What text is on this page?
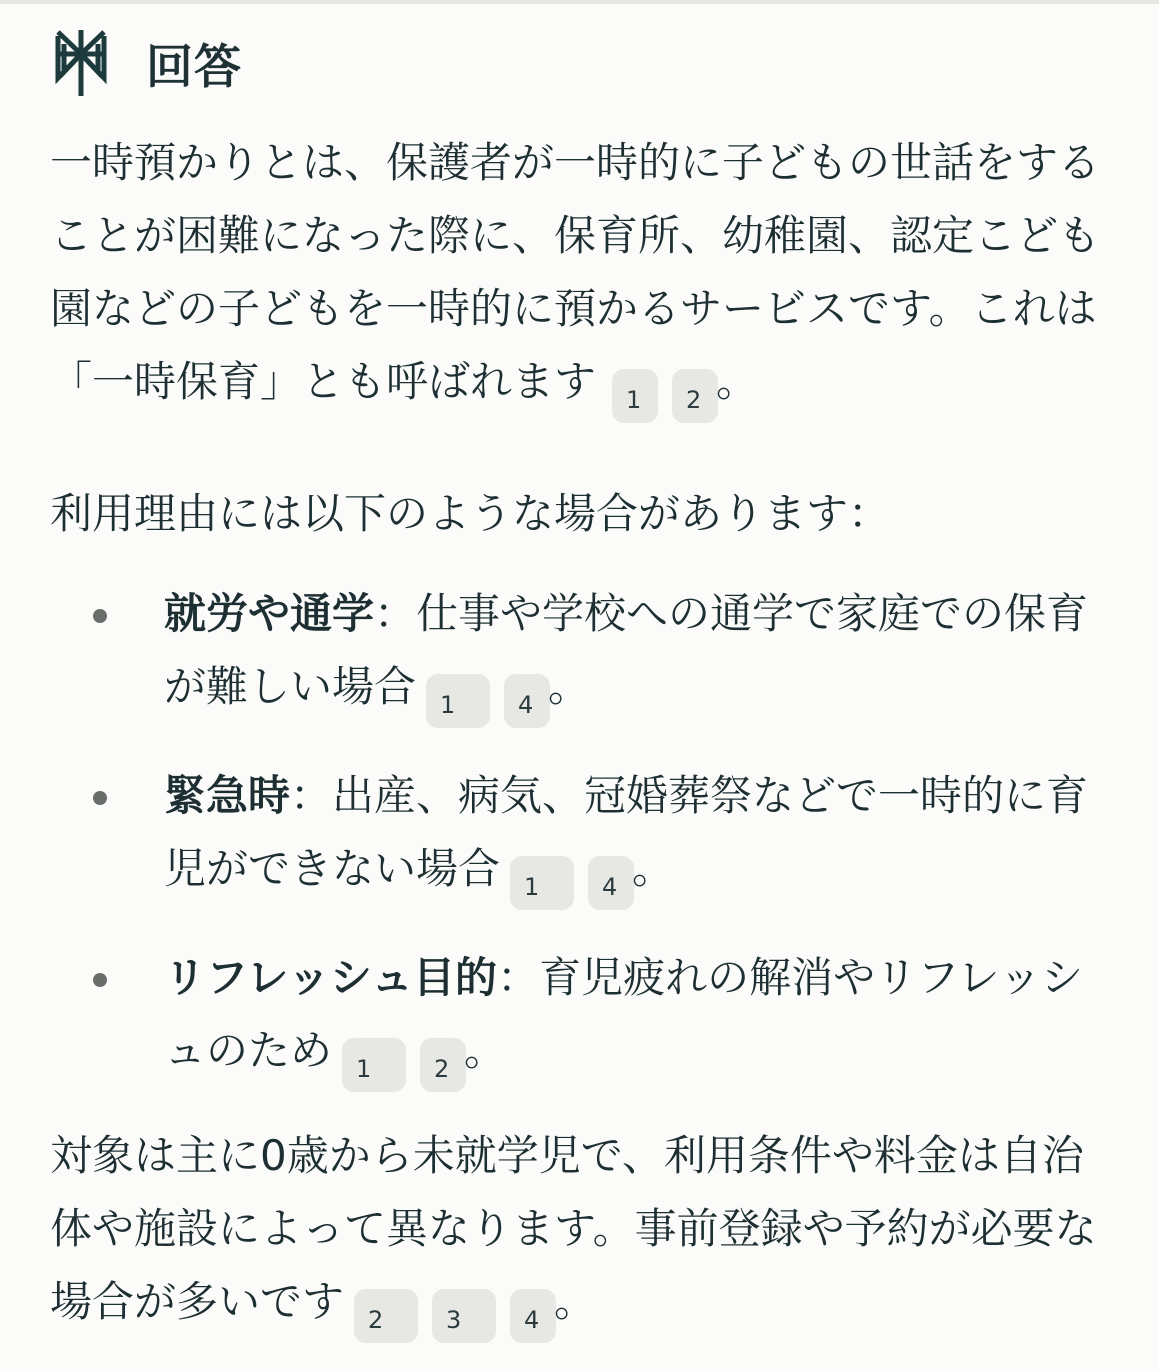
回答

一時預かりとは、保護者が一時的に子どもの世話をすることが困難になった際に、保育所、幼稚園、認定こども園などの子どもを一時的に預かるサービスです。これは「一時保育」とも呼ばれます 1 2 。

利用理由には以下のような場合があります：

就労や通学：仕事や学校への通学で家庭での保育が難しい場合 1	4 。
緊急時：出産、病気、冠婚葬祭などで一時的に育児ができない場合 1	4 。
リフレッシュ目的：育児疲れの解消やリフレッシュのため 1	2 。

対象は主に0歳から未就学児で、利用条件や料金は自治体や施設によって異なります。事前登録や予約が必要な場合が多いです 2	3	4 。
